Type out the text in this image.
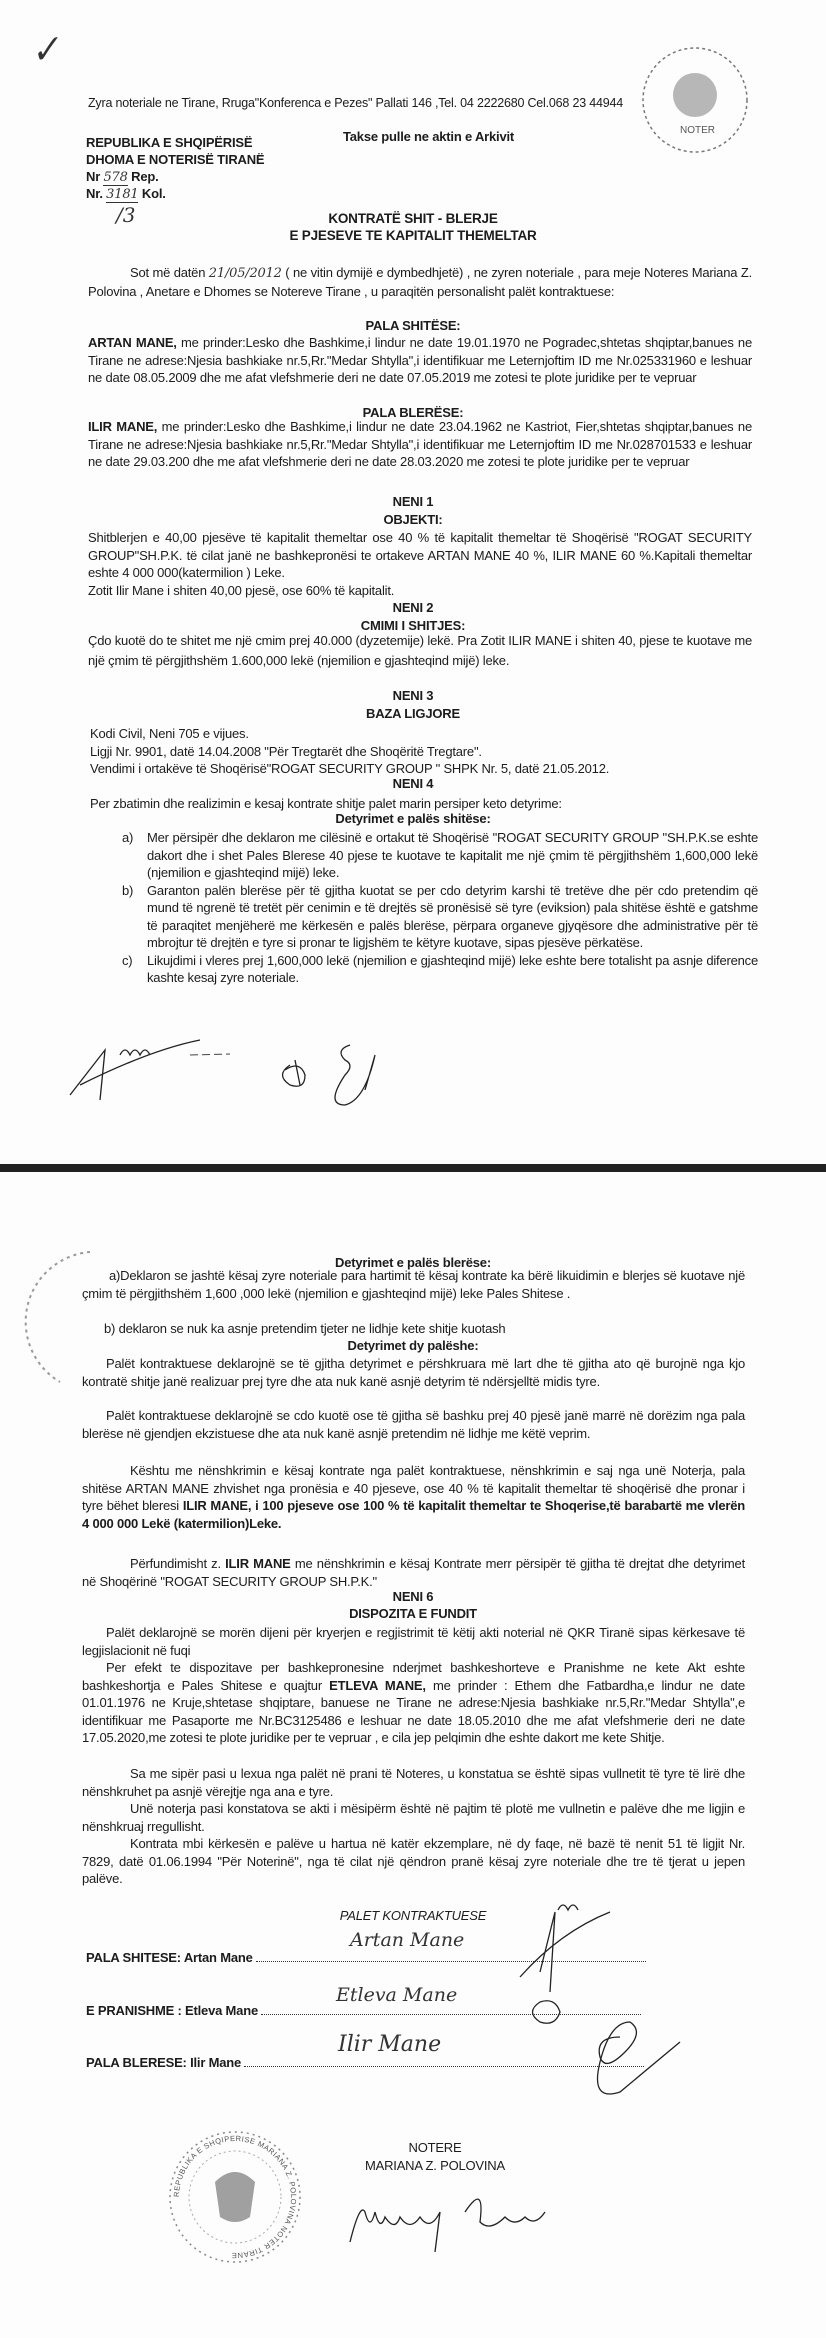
✓
Zyra noteriale ne Tirane, Rruga"Konferenca e Pezes" Pallati 146 ,Tel. 04 2222680 Cel.068 23 44944
NOTER
REPUBLIKA E SHQIPËRISË
DHOMA E NOTERISË TIRANË
Takse pulle ne aktin e Arkivit
Nr 578 Rep.
Nr. 3181 Kol.
/3	KONTRATË SHIT - BLERJE
E PJESEVE TE KAPITALIT THEMELTAR
Sot më datën 21/05/2012 ( ne vitin dymijë e dymbedhjetë) , ne zyren noteriale , para meje Noteres Mariana Z. Polovina , Anetare e Dhomes se Notereve Tirane , u paraqitën personalisht palët kontraktuese:
PALA SHITËSE:
ARTAN MANE, me prinder:Lesko dhe Bashkime,i lindur ne date 19.01.1970 ne Pogradec,shtetas shqiptar,banues ne Tirane ne adrese:Njesia bashkiake nr.5,Rr."Medar Shtylla",i identifikuar me Leternjoftim ID me Nr.025331960 e leshuar ne date 08.05.2009 dhe me afat vlefshmerie deri ne date 07.05.2019 me zotesi te plote juridike per te vepruar
PALA BLERËSE:
ILIR MANE, me prinder:Lesko dhe Bashkime,i lindur ne date 23.04.1962 ne Kastriot, Fier,shtetas shqiptar,banues ne Tirane ne adrese:Njesia bashkiake nr.5,Rr."Medar Shtylla",i identifikuar me Leternjoftim ID me Nr.028701533 e leshuar ne date 29.03.200 dhe me afat vlefshmerie deri ne date 28.03.2020 me zotesi te plote juridike per te vepruar
NENI 1
OBJEKTI:
Shitblerjen e 40,00 pjesëve të kapitalit themeltar ose 40 % të kapitalit themeltar të Shoqërisë "ROGAT SECURITY GROUP"SH.P.K. të cilat janë ne bashkepronësi te ortakeve ARTAN MANE 40 %, ILIR MANE 60 %.Kapitali themeltar eshte 4 000 000(katermilion ) Leke.
Zotit Ilir Mane i shiten 40,00 pjesë, ose 60% të kapitalit.
NENI 2
CMIMI I SHITJES:
Çdo kuotë do te shitet me një cmim prej 40.000 (dyzetemije) lekë. Pra Zotit ILIR MANE i shiten 40, pjese te kuotave me një çmim të përgjithshëm 1.600,000 lekë (njemilion e gjashteqind mijë) leke.
NENI 3
BAZA LIGJORE
Kodi Civil, Neni 705 e vijues.
Ligji Nr. 9901, datë 14.04.2008 "Për Tregtarët dhe Shoqëritë Tregtare".
Vendimi i ortakëve të Shoqërisë"ROGAT SECURITY GROUP " SHPK Nr. 5, datë 21.05.2012.
NENI 4
Per zbatimin dhe realizimin e kesaj kontrate shitje palet marin persiper keto detyrime:
Detyrimet e palës shitëse:
a)	Mer përsipër dhe deklaron me cilësinë e ortakut të Shoqërisë "ROGAT SECURITY GROUP "SH.P.K.se eshte dakort dhe i shet Pales Blerese 40 pjese te kuotave te kapitalit me një çmim të përgjithshëm 1,600,000 lekë (njemilion e gjashteqind mijë) leke.
b)	Garanton palën blerëse për të gjitha kuotat se per cdo detyrim karshi të tretëve dhe për cdo pretendim që mund të ngrenë të tretët për cenimin e të drejtës së pronësisë së tyre (eviksion) pala shitëse është e gatshme të paraqitet menjëherë me kërkesën e palës blerëse, përpara organeve gjyqësore dhe administrative për të mbrojtur të drejtën e tyre si pronar te ligjshëm te këtyre kuotave, sipas pjesëve përkatëse.
c)	Likujdimi i vleres prej 1,600,000 lekë (njemilion e gjashteqind mijë) leke eshte bere totalisht pa asnje diference kashte kesaj zyre noteriale.
Detyrimet e palës blerëse:
a)Deklaron se jashtë kësaj zyre noteriale para hartimit të kësaj kontrate ka bërë likuidimin e blerjes së kuotave një çmim të përgjithshëm 1,600 ,000 lekë (njemilion e gjashteqind mijë) leke Pales Shitese .
b) deklaron se nuk ka asnje pretendim tjeter ne lidhje kete shitje kuotash
Detyrimet dy palëshe:
Palët kontraktuese deklarojnë se të gjitha detyrimet e përshkruara më lart dhe të gjitha ato që burojnë nga kjo kontratë shitje janë realizuar prej tyre dhe ata nuk kanë asnjë detyrim të ndërsjelltë midis tyre.
Palët kontraktuese deklarojnë se cdo kuotë ose të gjitha së bashku prej 40 pjesë janë marrë në dorëzim nga pala blerëse në gjendjen ekzistuese dhe ata nuk kanë asnjë pretendim në lidhje me këtë veprim.
Kështu me nënshkrimin e kësaj kontrate nga palët kontraktuese, nënshkrimin e saj nga unë Noterja, pala shitëse ARTAN MANE zhvishet nga pronësia e 40 pjeseve, ose 40 % të kapitalit themeltar të shoqërisë dhe pronar i tyre bëhet bleresi ILIR MANE, i 100 pjeseve ose 100 % të kapitalit themeltar te Shoqerise,të barabartë me vlerën 4 000 000 Lekë (katermilion)Leke.
Përfundimisht z. ILIR MANE me nënshkrimin e kësaj Kontrate merr përsipër të gjitha të drejtat dhe detyrimet në Shoqërinë "ROGAT SECURITY GROUP SH.P.K."
NENI 6
DISPOZITA E FUNDIT
Palët deklarojnë se morën dijeni për kryerjen e regjistrimit të këtij akti noterial në QKR Tiranë sipas kërkesave të legjislacionit në fuqi
Per efekt te dispozitave per bashkepronesine nderjmet bashkeshorteve e Pranishme ne kete Akt eshte bashkeshortja e Pales Shitese e quajtur ETLEVA MANE, me prinder : Ethem dhe Fatbardha,e lindur ne date 01.01.1976 ne Kruje,shtetase shqiptare, banuese ne Tirane ne adrese:Njesia bashkiake nr.5,Rr."Medar Shtylla",e identifikuar me Pasaporte me Nr.BC3125486 e leshuar ne date 18.05.2010 dhe me afat vlefshmerie deri ne date 17.05.2020,me zotesi te plote juridike per te vepruar , e cila jep pelqimin dhe eshte dakort me kete Shitje.
Sa me sipër pasi u lexua nga palët në prani të Noteres, u konstatua se është sipas vullnetit të tyre të lirë dhe nënshkruhet pa asnjë vërejtje nga ana e tyre.
Unë noterja pasi konstatova se akti i mësipërm është në pajtim të plotë me vullnetin e palëve dhe me ligjin e nënshkruaj rregullisht.
Kontrata mbi kërkesën e palëve u hartua në katër ekzemplare, në dy faqe, në bazë të nenit 51 të ligjit Nr. 7829, datë 01.06.1994 "Për Noterinë", nga të cilat një qëndron pranë kësaj zyre noteriale dhe tre të tjerat u jepen palëve.
PALET KONTRAKTUESE
PALA SHITESE: Artan Mane
Artan Mane
E PRANISHME : Etleva Mane
Etleva Mane
PALA BLERESE: Ilir Mane
Ilir Mane
REPUBLIKA E SHQIPERISE MARIANA Z. POLOVINA NOTER TIRANE
NOTERE
MARIANA Z. POLOVINA
